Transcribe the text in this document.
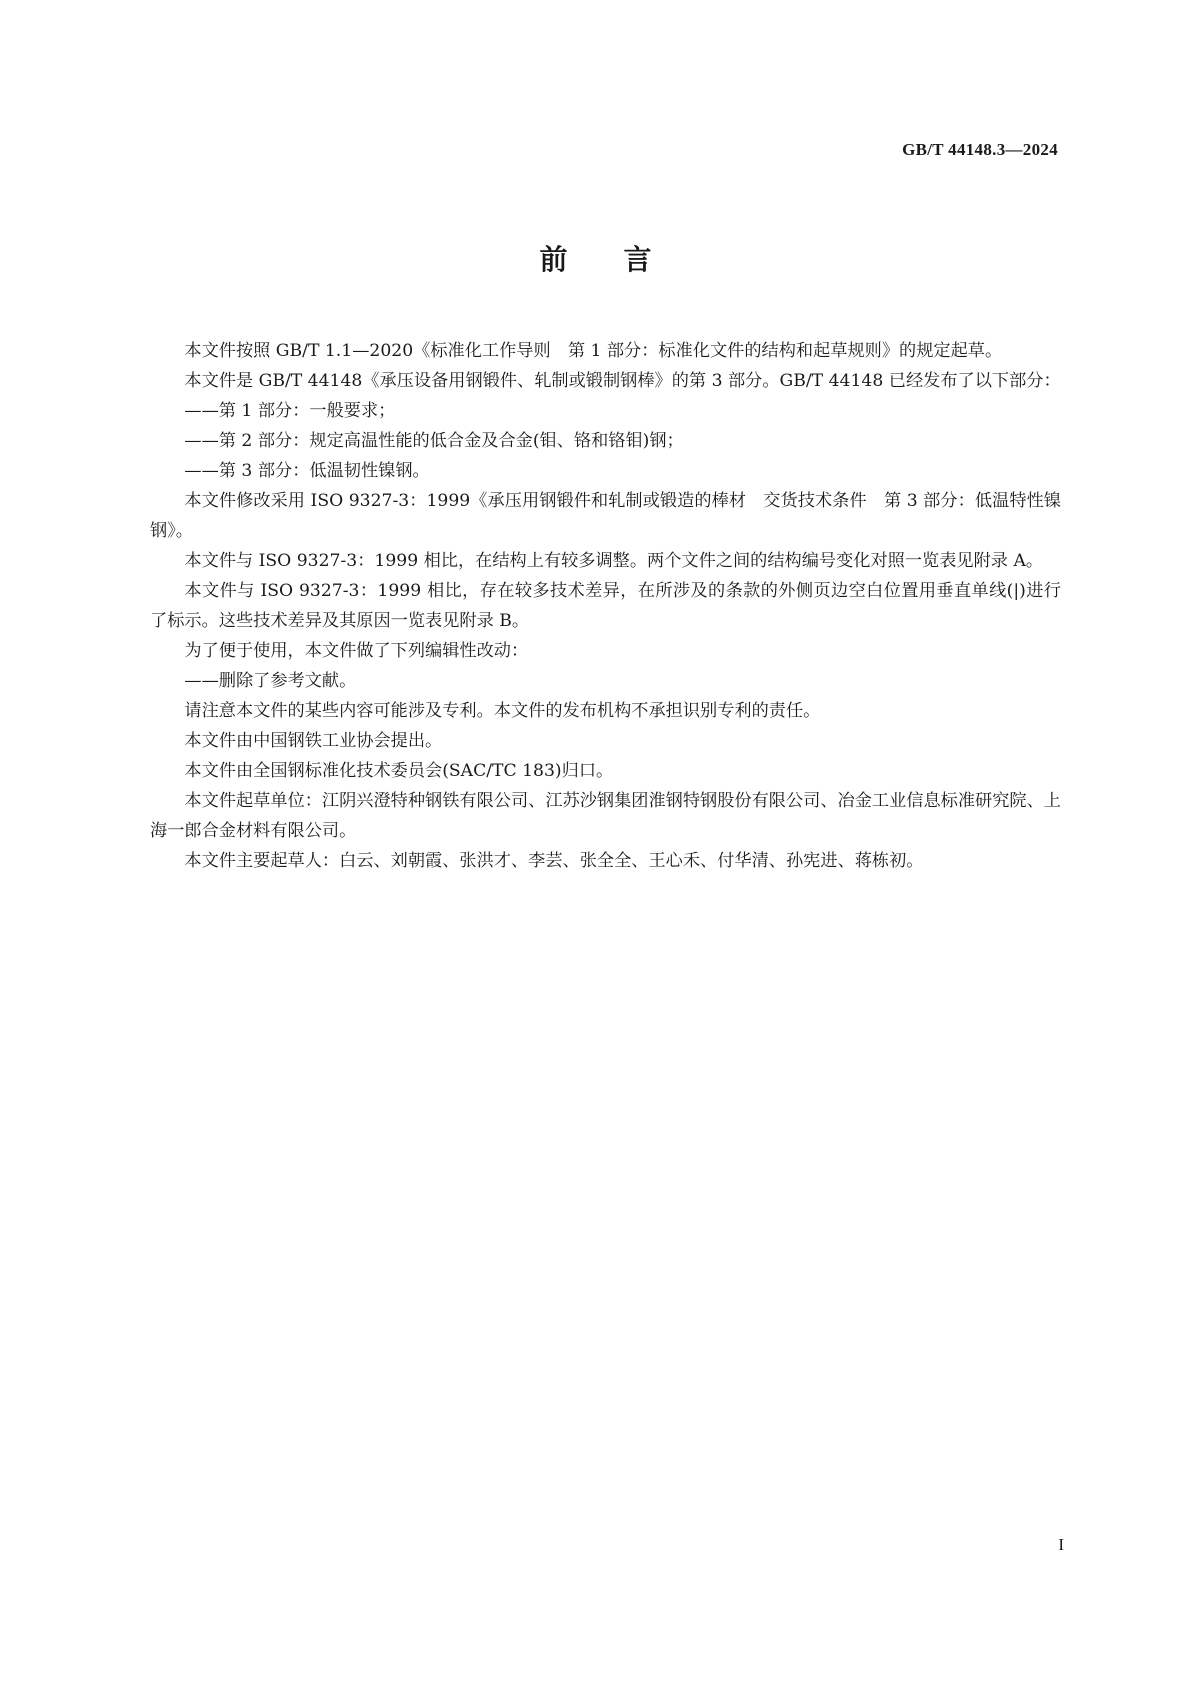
GB/T 44148.3—2024
前 言

本文件按照 GB/T 1.1—2020《标准化工作导则　第 1 部分：标准化文件的结构和起草规则》的规定起草。

本文件是 GB/T 44148《承压设备用钢锻件、轧制或锻制钢棒》的第 3 部分。GB/T 44148 已经发布了以下部分：

——第 1 部分：一般要求；

——第 2 部分：规定高温性能的低合金及合金(钼、铬和铬钼)钢；

——第 3 部分：低温韧性镍钢。

本文件修改采用 ISO 9327-3：1999《承压用钢锻件和轧制或锻造的棒材　交货技术条件　第 3 部分：低温特性镍钢》。

本文件与 ISO 9327-3：1999 相比，在结构上有较多调整。两个文件之间的结构编号变化对照一览表见附录 A。

本文件与 ISO 9327-3：1999 相比，存在较多技术差异，在所涉及的条款的外侧页边空白位置用垂直单线(|)进行了标示。这些技术差异及其原因一览表见附录 B。

为了便于使用，本文件做了下列编辑性改动：

——删除了参考文献。

请注意本文件的某些内容可能涉及专利。本文件的发布机构不承担识别专利的责任。

本文件由中国钢铁工业协会提出。

本文件由全国钢标准化技术委员会(SAC/TC 183)归口。

本文件起草单位：江阴兴澄特种钢铁有限公司、江苏沙钢集团淮钢特钢股份有限公司、冶金工业信息标准研究院、上海一郎合金材料有限公司。

本文件主要起草人：白云、刘朝霞、张洪才、李芸、张全全、王心禾、付华清、孙宪进、蒋栋初。

I
